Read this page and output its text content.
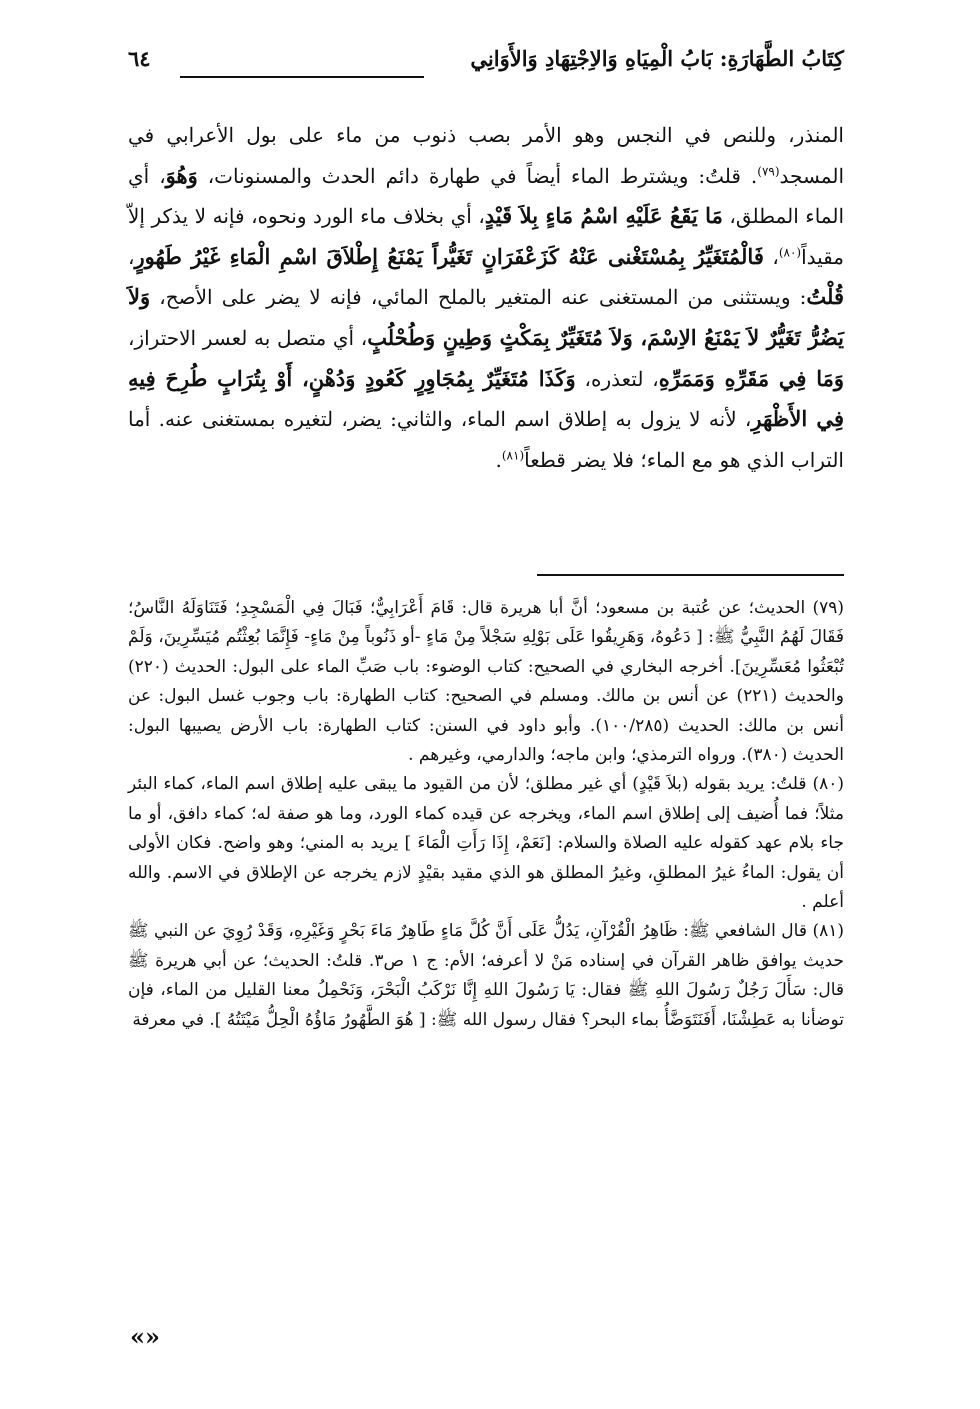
كِتَابُ الطَّهَارَةِ: بَابُ الْمِيَاهِ وَالاِجْتِهَادِ وَالأَوَانِي
٦٤

المنذر، وللنص في النجس وهو الأمر بصب ذنوب من ماء على بول الأعرابي في المسجد$^{(٧٩)}$. قلتُ: ويشترط الماء أيضاً في طهارة دائم الحدث والمسنونات، وَهُوَ، أي الماء المطلق، مَا يَقَعُ عَلَيْهِ اسْمُ مَاءٍ بِلاَ قَيْدٍ، أي بخلاف ماء الورد ونحوه، فإنه لا يذكر إلاّ مقيداً$^{(٨٠)}$، فَالْمُتَغَيِّرُ بِمُسْتَغْنى عَنْهُ كَزَعْفَرَانٍ تَغَيُّراً يَمْنَعُ إِطْلاَقَ اسْمِ الْمَاءِ غَيْرُ طَهُورٍ، قُلْتُ: ويستثنى من المستغنى عنه المتغير بالملح المائي، فإنه لا يضر على الأصح، وَلاَ يَضُرُّ تَغَيُّرٌ لاَ يَمْنَعُ الاِسْمَ، وَلاَ مُتَغَيِّرٌ بِمَكْثٍ وَطِينٍ وَطُحْلُبٍ، أي متصل به لعسر الاحتراز، وَمَا فِي مَقَرِّهِ وَمَمَرِّهِ، لتعذره، وَكَذَا مُتَغَيِّرٌ بِمُجَاوِرٍ كَعُودٍ وَدُهْنٍ، أَوْ بِتُرَابٍ طُرِحَ فِيهِ فِي الأَظْهَرِ، لأنه لا يزول به إطلاق اسم الماء، والثاني: يضر، لتغيره بمستغنى عنه. أما التراب الذي هو مع الماء؛ فلا يضر قطعاً$^{(٨١)}$.

(٧٩) الحديث؛ عن عُتبة بن مسعود؛ أنَّ أبا هريرة قال: قَامَ أَعْرَابِيٌّ؛ فَبَالَ فِي الْمَسْجِدِ؛ فَتَنَاوَلَهُ النَّاسُ؛ فَقَالَ لَهُمُ النَّبِيُّ ﷺ: [ دَعُوهُ، وَهَرِيقُوا عَلَى بَوْلِهِ سَجْلاً مِنْ مَاءٍ -أو ذَنُوباً مِنْ مَاءٍ- فَإِنَّمَا بُعِثْتُم مُيَسِّرِينَ، وَلَمْ تُبْعَثُوا مُعَسِّرِينَ]. أخرجه البخاري في الصحيح: كتاب الوضوء: باب صَبِّ الماء على البول: الحديث (٢٢٠) والحديث (٢٢١) عن أنس بن مالك. ومسلم في الصحيح: كتاب الطهارة: باب وجوب غسل البول: عن أنس بن مالك: الحديث (١٠٠/٢٨٥). وأبو داود في السنن: كتاب الطهارة: باب الأرض يصيبها البول: الحديث (٣٨٠). ورواه الترمذي؛ وابن ماجه؛ والدارمي، وغيرهم .

(٨٠) قلتُ: يريد بقوله (بلاَ قَيْدٍ) أي غير مطلق؛ لأن من القيود ما يبقى عليه إطلاق اسم الماء، كماء البئر مثلاً؛ فما أُضيف إلى إطلاق اسم الماء، ويخرجه عن قيده كماء الورد، وما هو صفة له؛ كماء دافق، أو ما جاء بلام عهد كقوله عليه الصلاة والسلام: [نَعَمْ، إِذَا رَأَتِ الْمَاءَ ] يريد به المني؛ وهو واضح. فكان الأولى أن يقول: الماءُ غيرُ المطلقِ، وغيرُ المطلق هو الذي مقيد بقيْدٍ لازم يخرجه عن الإطلاق في الاسم. والله أعلم .

(٨١) قال الشافعي ﷺ: ظَاهِرُ الْقُرْآنِ، يَدُلُّ عَلَى أَنَّ كُلَّ مَاءٍ طَاهِرٌ مَاءَ بَحْرٍ وَغَيْرِهِ، وَقَدْ رُوِيَ عن النبي ﷺ حديث يوافق ظاهر القرآن في إسناده مَنْ لا أعرفه؛ الأم: ج ١ ص٣. قلتُ: الحديث؛ عن أبي هريرة ﷺ قال: سَأَلَ رَجُلٌ رَسُولَ اللهِ ﷺ فقال: يَا رَسُولَ اللهِ إِنَّا نَرْكَبُ الْبَحْرَ، وَنَحْمِلُ معنا القليل من الماء، فإن توضأنا به عَطِشْنَا، أَفَنَتَوَضَّأُ بماء البحر؟ فقال رسول الله ﷺ: [ هُوَ الطَّهُورُ مَاؤُهُ الْحِلُّ مَيْتَتُهُ ]. في معرفة

«»
